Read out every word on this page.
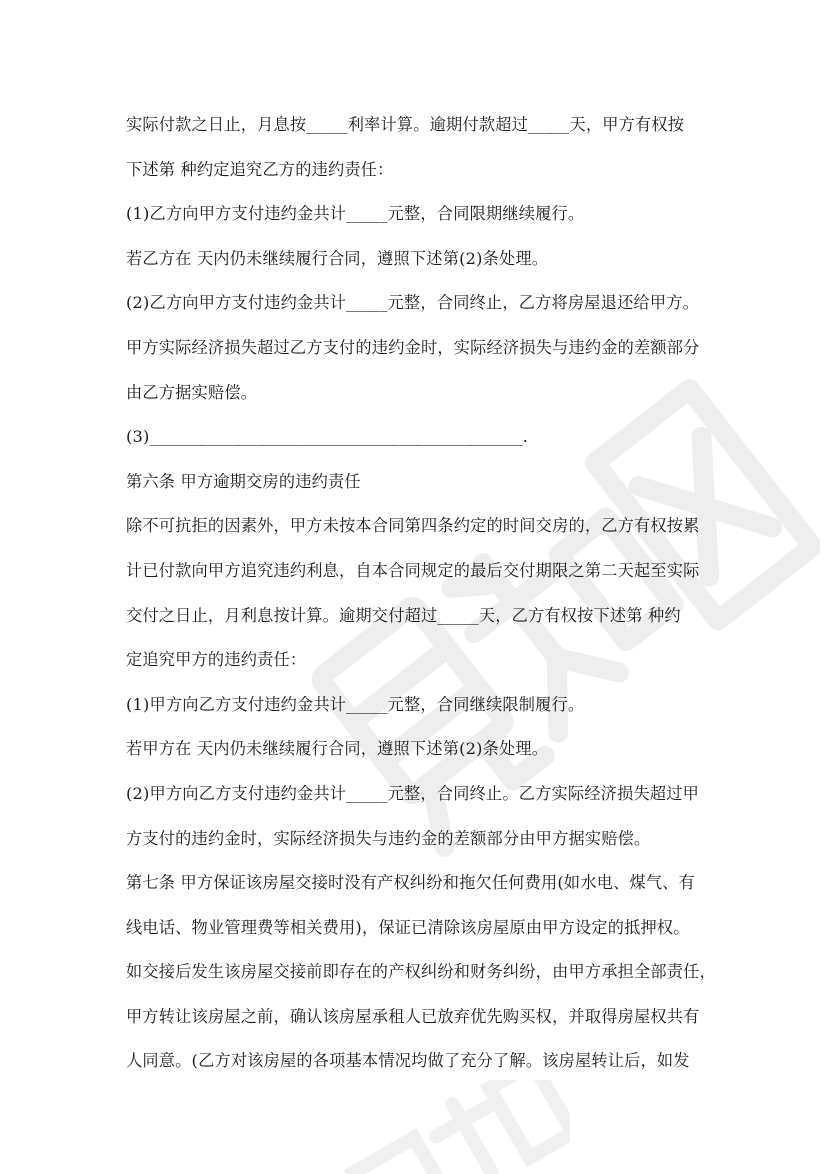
实际付款之日止，月息按_____利率计算。逾期付款超过_____天，甲方有权按
下述第 种约定追究乙方的违约责任：
(1)乙方向甲方支付违约金共计_____元整，合同限期继续履行。
若乙方在 天内仍未继续履行合同，遵照下述第(2)条处理。
(2)乙方向甲方支付违约金共计_____元整，合同终止，乙方将房屋退还给甲方。
甲方实际经济损失超过乙方支付的违约金时，实际经济损失与违约金的差额部分
由乙方据实赔偿。
(3)_____________________________________________.
第六条 甲方逾期交房的违约责任
除不可抗拒的因素外，甲方未按本合同第四条约定的时间交房的，乙方有权按累
计已付款向甲方追究违约利息，自本合同规定的最后交付期限之第二天起至实际
交付之日止，月利息按计算。逾期交付超过_____天，乙方有权按下述第 种约
定追究甲方的违约责任：
(1)甲方向乙方支付违约金共计_____元整，合同继续限制履行。
若甲方在 天内仍未继续履行合同，遵照下述第(2)条处理。
(2)甲方向乙方支付违约金共计_____元整，合同终止。乙方实际经济损失超过甲
方支付的违约金时，实际经济损失与违约金的差额部分由甲方据实赔偿。
第七条 甲方保证该房屋交接时没有产权纠纷和拖欠任何费用(如水电、煤气、有
线电话、物业管理费等相关费用)，保证已清除该房屋原由甲方设定的抵押权。
如交接后发生该房屋交接前即存在的产权纠纷和财务纠纷，由甲方承担全部责任，
甲方转让该房屋之前，确认该房屋承租人已放弃优先购买权，并取得房屋权共有
人同意。(乙方对该房屋的各项基本情况均做了充分了解。该房屋转让后，如发
